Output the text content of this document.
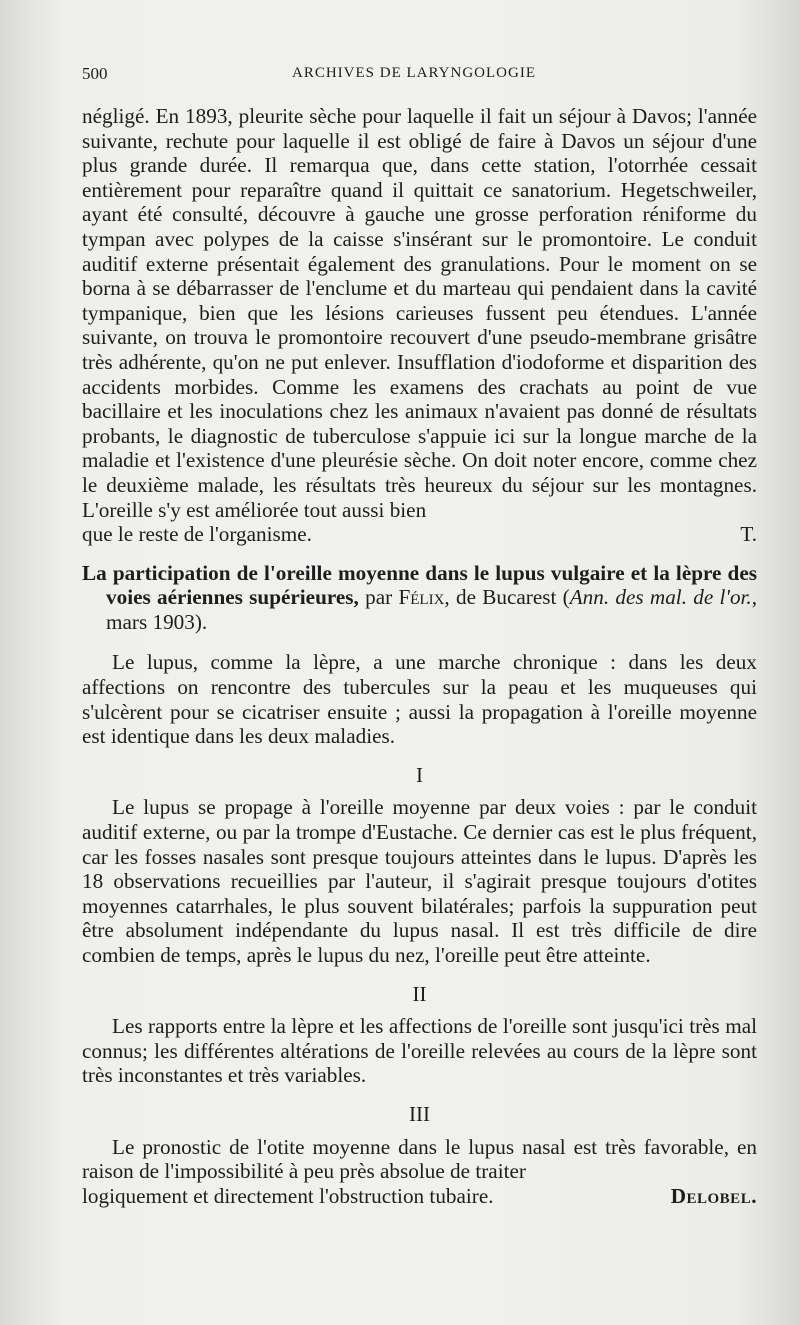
500	ARCHIVES DE LARYNGOLOGIE

négligé. En 1893, pleurite sèche pour laquelle il fait un séjour à Davos; l'année suivante, rechute pour laquelle il est obligé de faire à Davos un séjour d'une plus grande durée. Il remarqua que, dans cette station, l'otorrhée cessait entièrement pour reparaître quand il quittait ce sanatorium. Hegetschweiler, ayant été consulté, découvre à gauche une grosse perforation réniforme du tympan avec polypes de la caisse s'insérant sur le promontoire. Le conduit auditif externe présentait également des granulations. Pour le moment on se borna à se débarrasser de l'enclume et du marteau qui pendaient dans la cavité tympanique, bien que les lésions carieuses fussent peu étendues. L'année suivante, on trouva le promontoire recouvert d'une pseudo-membrane grisâtre très adhérente, qu'on ne put enlever. Insufflation d'iodoforme et disparition des accidents morbides. Comme les examens des crachats au point de vue bacillaire et les inoculations chez les animaux n'avaient pas donné de résultats probants, le diagnostic de tuberculose s'appuie ici sur la longue marche de la maladie et l'existence d'une pleurésie sèche. On doit noter encore, comme chez le deuxième malade, les résultats très heureux du séjour sur les montagnes. L'oreille s'y est améliorée tout aussi bien

que le reste de l'organisme.	T.

La participation de l'oreille moyenne dans le lupus vulgaire et la lèpre des voies aériennes supérieures, par Félix, de Bucarest (Ann. des mal. de l'or., mars 1903).

Le lupus, comme la lèpre, a une marche chronique : dans les deux affections on rencontre des tubercules sur la peau et les muqueuses qui s'ulcèrent pour se cicatriser ensuite ; aussi la propagation à l'oreille moyenne est identique dans les deux maladies.

I

Le lupus se propage à l'oreille moyenne par deux voies : par le conduit auditif externe, ou par la trompe d'Eustache. Ce dernier cas est le plus fréquent, car les fosses nasales sont presque toujours atteintes dans le lupus. D'après les 18 observations recueillies par l'auteur, il s'agirait presque toujours d'otites moyennes catarrhales, le plus souvent bilatérales; parfois la suppuration peut être absolument indépendante du lupus nasal. Il est très difficile de dire combien de temps, après le lupus du nez, l'oreille peut être atteinte.

II

Les rapports entre la lèpre et les affections de l'oreille sont jusqu'ici très mal connus; les différentes altérations de l'oreille relevées au cours de la lèpre sont très inconstantes et très variables.

III

Le pronostic de l'otite moyenne dans le lupus nasal est très favorable, en raison de l'impossibilité à peu près absolue de traiter

logiquement et directement l'obstruction tubaire.	Delobel.
